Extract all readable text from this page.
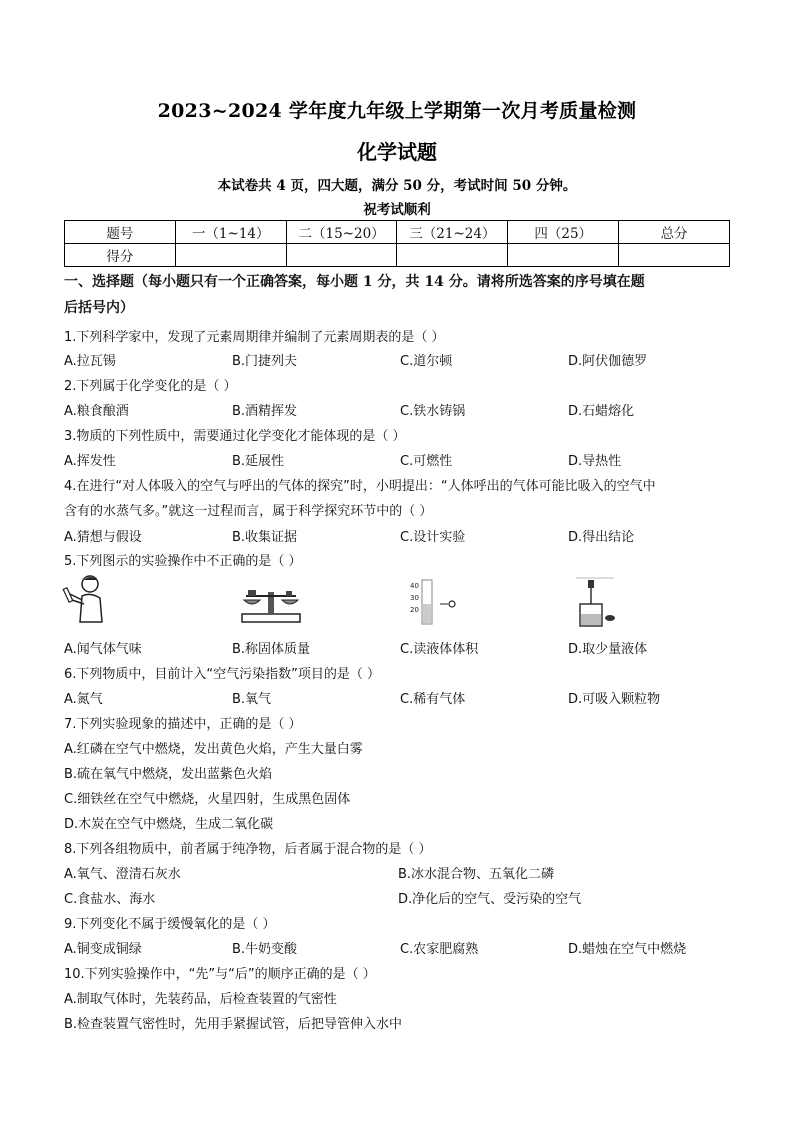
2023~2024 学年度九年级上学期第一次月考质量检测
化学试题
本试卷共 4 页，四大题，满分 50 分，考试时间 50 分钟。
祝考试顺利
题号	一（1~14）	二（15~20）	三（21~24）	四（25）	总分
得分					
一、选择题（每小题只有一个正确答案，每小题 1 分，共 14 分。请将所选答案的序号填在题
后括号内）
1.下列科学家中，发现了元素周期律并编制了元素周期表的是（ ）
A.拉瓦锡	B.门捷列夫	C.道尔顿	D.阿伏伽德罗
2.下列属于化学变化的是（ ）
A.粮食酿酒	B.酒精挥发	C.铁水铸锅	D.石蜡熔化
3.物质的下列性质中，需要通过化学变化才能体现的是（ ）
A.挥发性	B.延展性	C.可燃性	D.导热性
4.在进行“对人体吸入的空气与呼出的气体的探究”时，小明提出：“人体呼出的气体可能比吸入的空气中
含有的水蒸气多。”就这一过程而言，属于科学探究环节中的（ ）
A.猜想与假设	B.收集证据	C.设计实验	D.得出结论
5.下列图示的实验操作中不正确的是（ ）
40
30
20
A.闻气体气味	B.称固体质量	C.读液体体积	D.取少量液体
6.下列物质中，目前计入“空气污染指数”项目的是（ ）
A.氮气	B.氧气	C.稀有气体	D.可吸入颗粒物
7.下列实验现象的描述中，正确的是（ ）
A.红磷在空气中燃烧，发出黄色火焰，产生大量白雾
B.硫在氧气中燃烧，发出蓝紫色火焰
C.细铁丝在空气中燃烧，火星四射，生成黑色固体
D.木炭在空气中燃烧，生成二氧化碳
8.下列各组物质中，前者属于纯净物，后者属于混合物的是（ ）
A.氧气、澄清石灰水	B.冰水混合物、五氧化二磷
C.食盐水、海水	D.净化后的空气、受污染的空气
9.下列变化不属于缓慢氧化的是（ ）
A.铜变成铜绿	B.牛奶变酸	C.农家肥腐熟	D.蜡烛在空气中燃烧
10.下列实验操作中，“先”与“后”的顺序正确的是（ ）
A.制取气体时，先装药品，后检查装置的气密性
B.检查装置气密性时，先用手紧握试管，后把导管伸入水中
